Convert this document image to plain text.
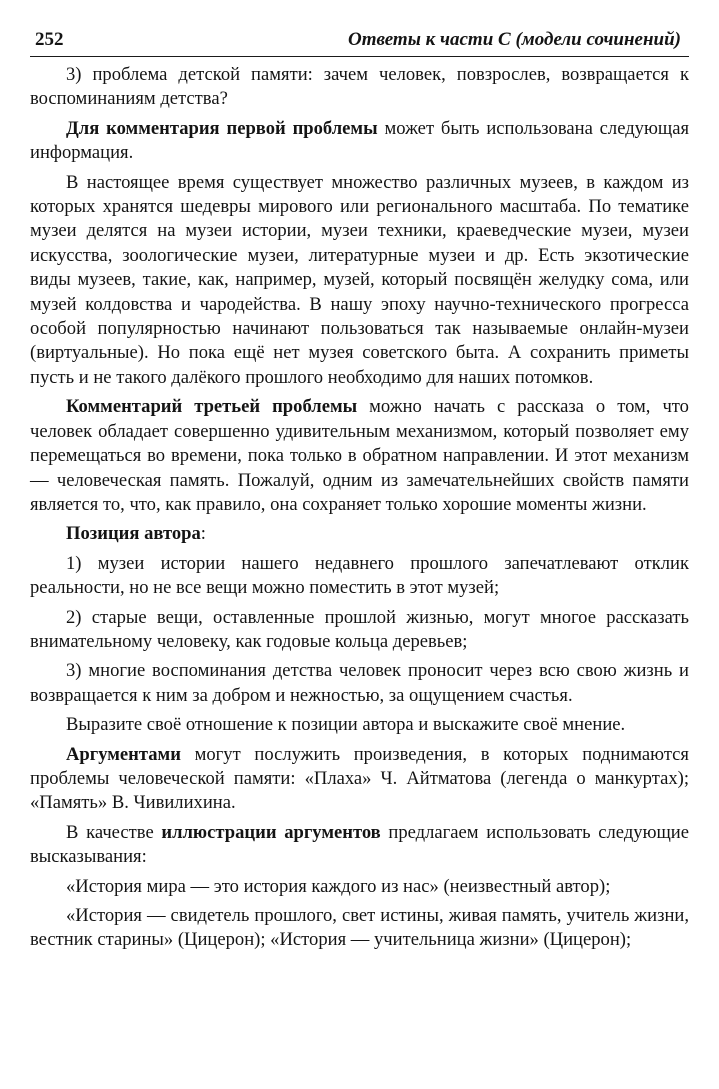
252	Ответы к части С (модели сочинений)

3) проблема детской памяти: зачем человек, повзрослев, возвращается к воспоминаниям детства?

Для комментария первой проблемы может быть использована следующая информация.

В настоящее время существует множество различных музеев, в каждом из которых хранятся шедевры мирового или регионального масштаба. По тематике музеи делятся на музеи истории, музеи техники, краеведческие музеи, музеи искусства, зоологические музеи, литературные музеи и др. Есть экзотические виды музеев, такие, как, например, музей, который посвящён желудку сома, или музей колдовства и чародейства. В нашу эпоху научно-технического прогресса особой популярностью начинают пользоваться так называемые онлайн-музеи (виртуальные). Но пока ещё нет музея советского быта. А сохранить приметы пусть и не такого далёкого прошлого необходимо для наших потомков.

Комментарий третьей проблемы можно начать с рассказа о том, что человек обладает совершенно удивительным механизмом, который позволяет ему перемещаться во времени, пока только в обратном направлении. И этот механизм — человеческая память. Пожалуй, одним из замечательнейших свойств памяти является то, что, как правило, она сохраняет только хорошие моменты жизни.

Позиция автора:

1) музеи истории нашего недавнего прошлого запечатлевают отклик реальности, но не все вещи можно поместить в этот музей;

2) старые вещи, оставленные прошлой жизнью, могут многое рассказать внимательному человеку, как годовые кольца деревьев;

3) многие воспоминания детства человек проносит через всю свою жизнь и возвращается к ним за добром и нежностью, за ощущением счастья.

Выразите своё отношение к позиции автора и выскажите своё мнение.

Аргументами могут послужить произведения, в которых поднимаются проблемы человеческой памяти: «Плаха» Ч. Айтматова (легенда о манкуртах); «Память» В. Чивилихина.

В качестве иллюстрации аргументов предлагаем использовать следующие высказывания:

«История мира — это история каждого из нас» (неизвестный автор);

«История — свидетель прошлого, свет истины, живая память, учитель жизни, вестник старины» (Цицерон); «История — учительница жизни» (Цицерон);
